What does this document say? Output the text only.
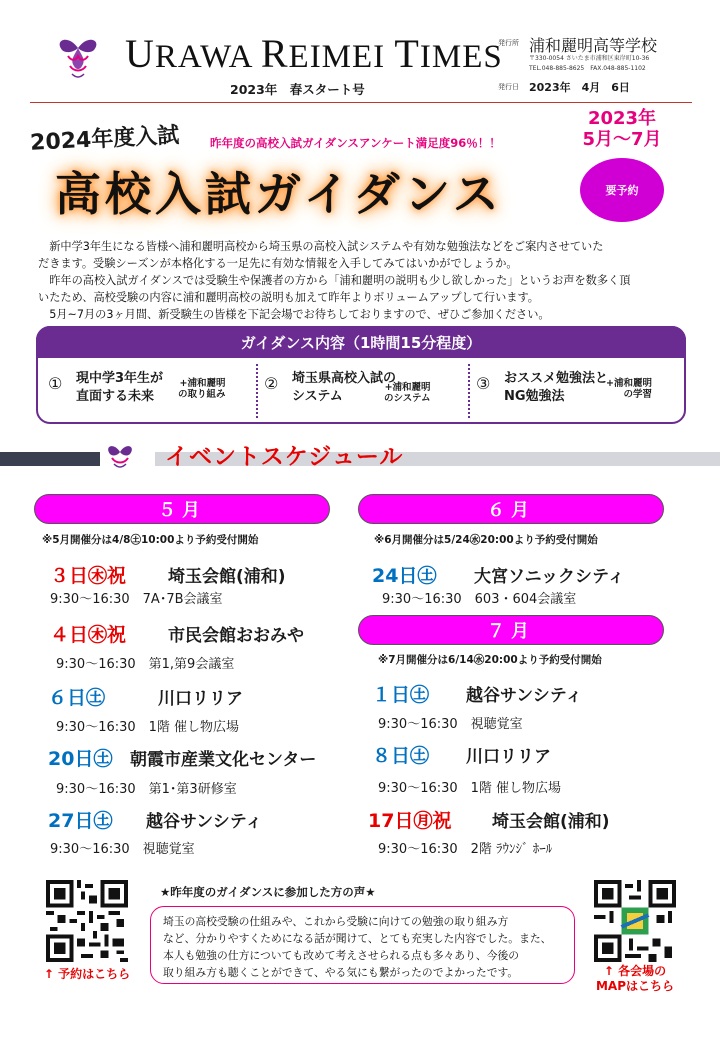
URAWA REIMEI TIMES
2023年　春スタート号
発行所 浦和麗明高等学校
〒330-0054 さいたま市浦和区東岸町10-36
TEL.048-885-8625　FAX.048-885-1102
発行日 2023年　4月　6日
2024年度入試	昨年度の高校入試ガイダンスアンケート満足度96％！！
2023年
5月～7月
高校入試ガイダンス	要予約

新中学3年生になる皆様へ浦和麗明高校から埼玉県の高校入試システムや有効な勉強法などをご案内させていた

だきます。受験シーズンが本格化する一足先に有効な情報を入手してみてはいかがでしょうか。

昨年の高校入試ガイダンスでは受験生や保護者の方から「浦和麗明の説明も少し欲しかった」というお声を数多く頂

いたため、高校受験の内容に浦和麗明高校の説明も加えて昨年よりボリュームアップして行います。

5月~7月の3ヶ月間、新受験生の皆様を下記会場でお待ちしておりますので、ぜひご参加ください。

ガイダンス内容（1時間15分程度）
① 現中学3年生が
直面する未来
+浦和麗明
の取り組み
② 埼玉県高校入試の
システム
+浦和麗明
のシステム
③ おススメ勉強法と
NG勉強法
+浦和麗明
の学習
イベントスケジュール
５月
※5月開催分は4/8㊏10:00より予約受付開始
３日㊍祝 埼玉会館(浦和)
9:30～16:30　7A･7B会議室
４日㊍祝 市民会館おおみや
9:30～16:30　第1,第9会議室
６日㊏	川口リリア
9:30～16:30　1階 催し物広場
20日㊏ 朝霞市産業文化センター
9:30～16:30　第1･第3研修室
27日㊏ 越谷サンシティ
9:30～16:30　視聴覚室
６月
※6月開催分は5/24㊌20:00より予約受付開始
24日㊏ 大宮ソニックシティ
9:30～16:30　603・604会議室
７月
※7月開催分は6/14㊌20:00より予約受付開始
１日㊏ 越谷サンシティ
9:30～16:30　視聴覚室
８日㊏ 川口リリア
9:30～16:30　1階 催し物広場
17日㊊祝 埼玉会館(浦和)
9:30～16:30　2階 ﾗｳﾝｼﾞ ﾎｰﾙ
↑ 予約はこちら
★昨年度のガイダンスに参加した方の声★
埼玉の高校受験の仕組みや、これから受験に向けての勉強の取り組み方
など、分かりやすくためになる話が聞けて、とても充実した内容でした。また、
本人も勉強の仕方についても改めて考えさせられる点も多々あり、今後の
取り組み方も聴くことができて、やる気にも繋がったのでよかったです。	↑ 各会場の
MAPはこちら
